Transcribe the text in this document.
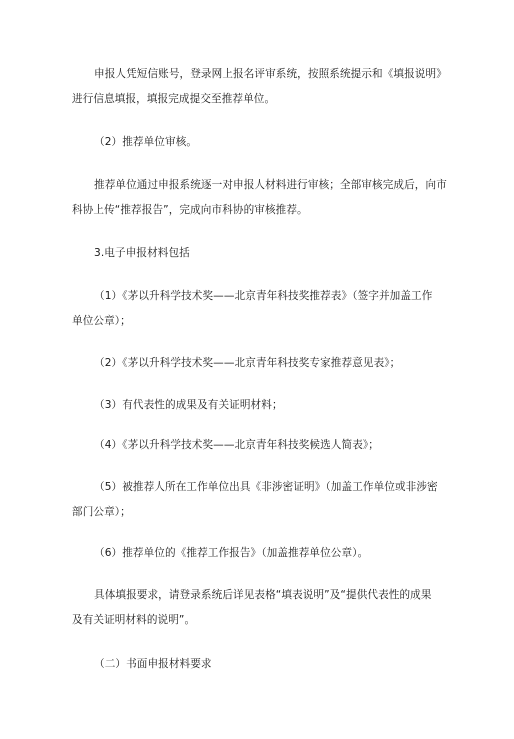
申报人凭短信账号，登录网上报名评审系统，按照系统提示和《填报说明》
进行信息填报，填报完成提交至推荐单位。

（2）推荐单位审核。

推荐单位通过申报系统逐一对申报人材料进行审核；全部审核完成后，向市
科协上传“推荐报告”，完成向市科协的审核推荐。

3.电子申报材料包括

（1）《茅以升科学技术奖——北京青年科技奖推荐表》（签字并加盖工作
单位公章）；

（2）《茅以升科学技术奖——北京青年科技奖专家推荐意见表》；

（3）有代表性的成果及有关证明材料；

（4）《茅以升科学技术奖——北京青年科技奖候选人简表》；

（5）被推荐人所在工作单位出具《非涉密证明》（加盖工作单位或非涉密
部门公章）；

（6）推荐单位的《推荐工作报告》（加盖推荐单位公章）。

具体填报要求，请登录系统后详见表格“填表说明”及“提供代表性的成果
及有关证明材料的说明”。

（二）书面申报材料要求
